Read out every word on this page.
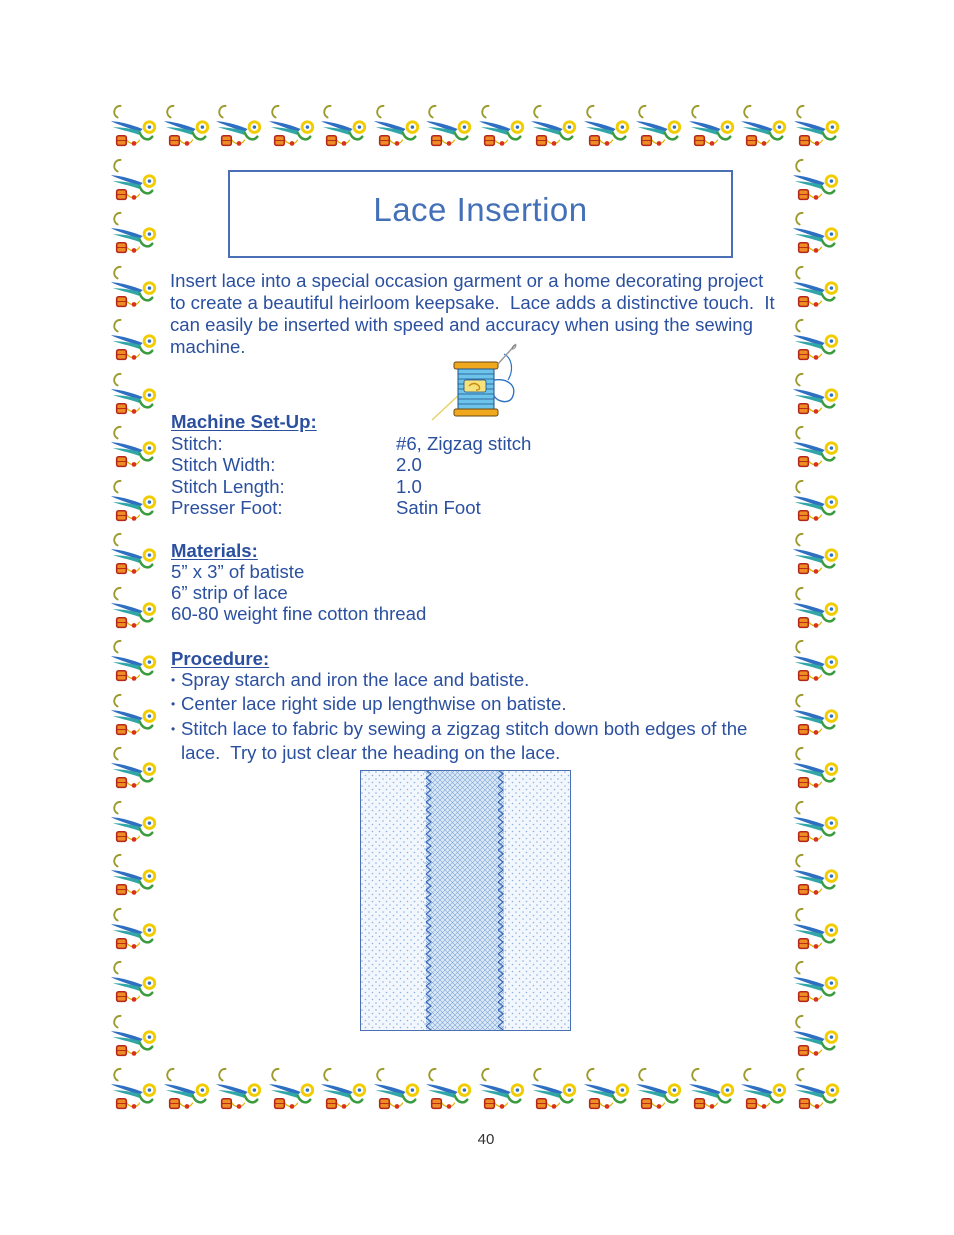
Lace Insertion
Insert lace into a special occasion garment or a home decorating project
to create a beautiful heirloom keepsake.  Lace adds a distinctive touch.  It
can easily be inserted with speed and accuracy when using the sewing
machine.
Machine Set-Up:
Stitch:	#6, Zigzag stitch
Stitch Width:	2.0
Stitch Length:	1.0
Presser Foot:	Satin Foot
Materials:
5” x 3” of batiste
6” strip of lace
60-80 weight fine cotton thread
Procedure:
• Spray starch and iron the lace and batiste.
• Center lace right side up lengthwise on batiste.
• Stitch lace to fabric by sewing a zigzag stitch down both edges of the
lace.  Try to just clear the heading on the lace.
40
